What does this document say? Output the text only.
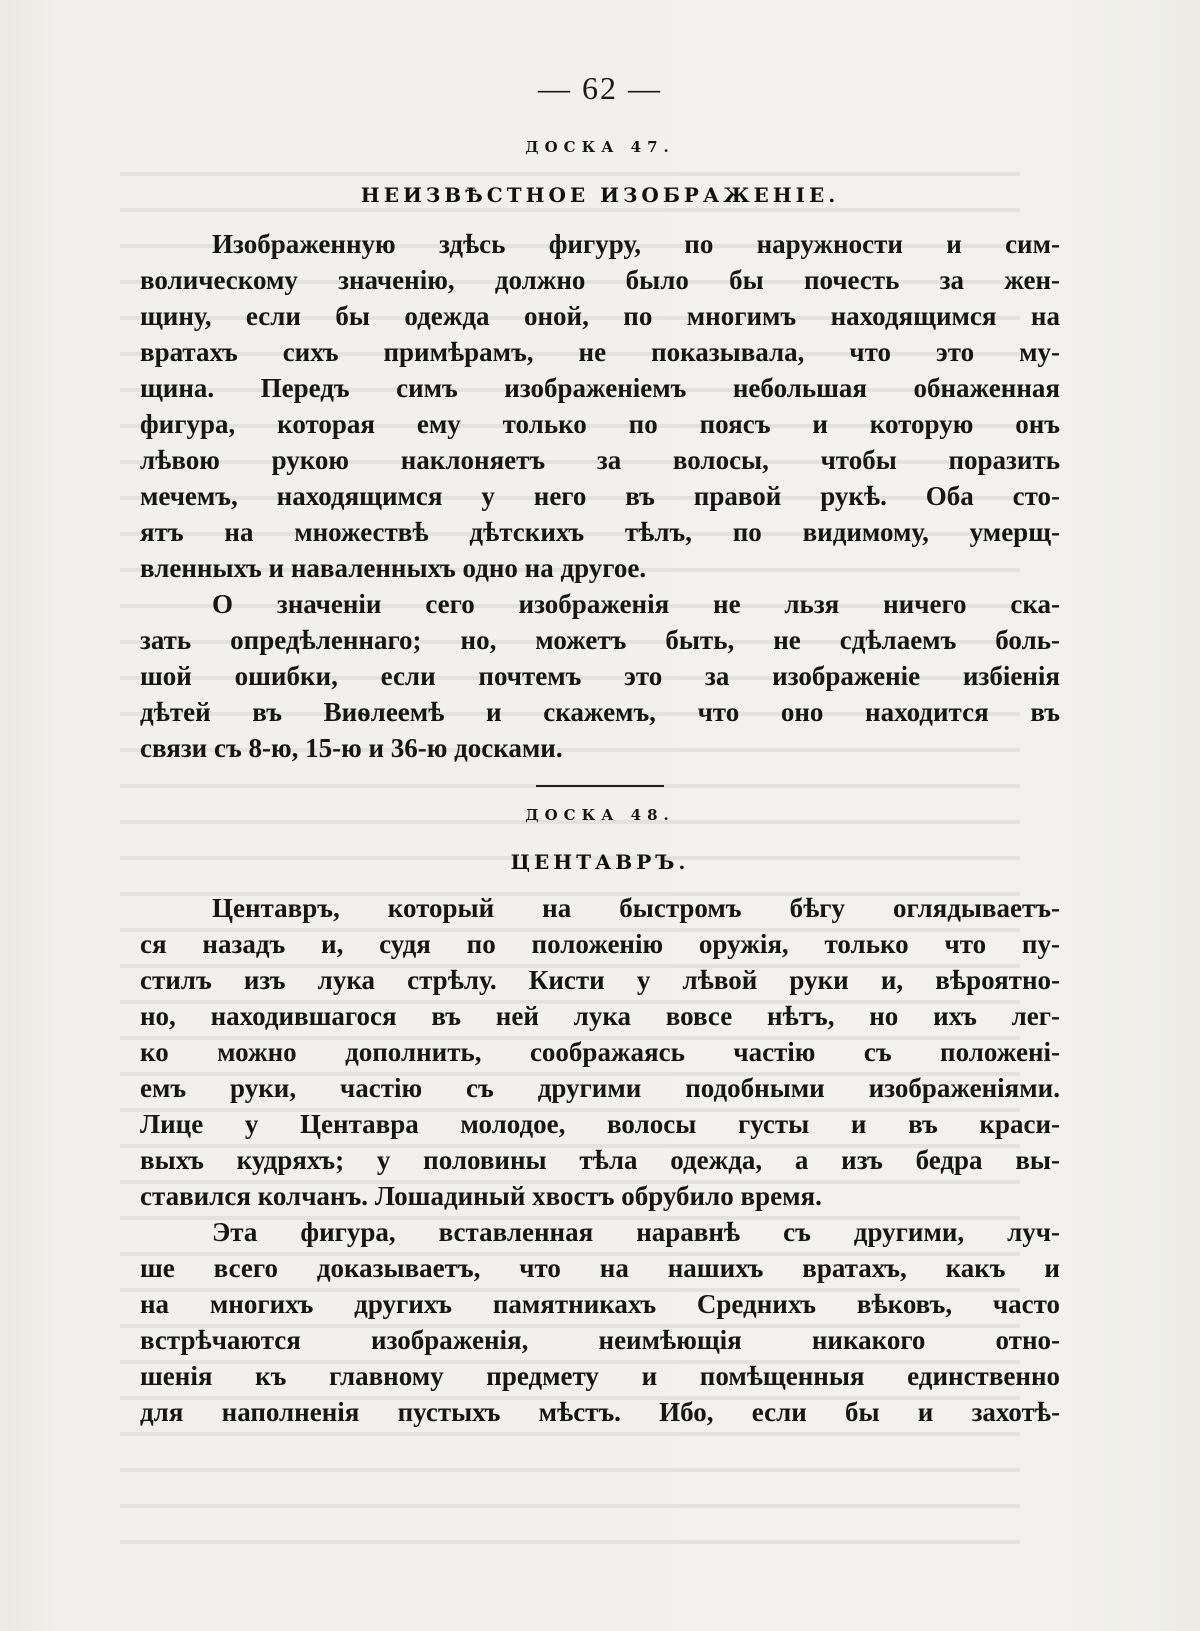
— 62 —
ДОСКА 47.
НЕИЗВѢСТНОЕ ИЗОБРАЖЕНІЕ.
Изображенную здѣсь фигуру, по наружности и сим-
волическому значенію, должно было бы почесть за жен-
щину, если бы одежда оной, по многимъ находящимся на
вратахъ сихъ примѣрамъ, не показывала, что это му-
щина. Передъ симъ изображеніемъ небольшая обнаженная
фигура, которая ему только по поясъ и которую онъ
лѣвою рукою наклоняетъ за волосы, чтобы поразить
мечемъ, находящимся у него въ правой рукѣ. Оба сто-
ятъ на множествѣ дѣтскихъ тѣлъ, по видимому, умерщ-
вленныхъ и наваленныхъ одно на другое.
О значеніи сего изображенія не льзя ничего ска-
зать опредѣленнаго; но, можетъ быть, не сдѣлаемъ боль-
шой ошибки, если почтемъ это за изображеніе избіенія
дѣтей въ Виѳлеемѣ и скажемъ, что оно находится въ
связи съ 8-ю, 15-ю и 36-ю досками.
ДОСКА 48.
ЦЕНТАВРЪ.
Центавръ, который на быстромъ бѣгу оглядываетъ-
ся назадъ и, судя по положенію оружія, только что пу-
стилъ изъ лука стрѣлу. Кисти у лѣвой руки и, вѣроятно-
но, находившагося въ ней лука вовсе нѣтъ, но ихъ лег-
ко можно дополнить, соображаясь частію съ положені-
емъ руки, частію съ другими подобными изображеніями.
Лице у Центавра молодое, волосы густы и въ краси-
выхъ кудряхъ; у половины тѣла одежда, а изъ бедра вы-
ставился колчанъ. Лошадиный хвостъ обрубило время.
Эта фигура, вставленная наравнѣ съ другими, луч-
ше всего доказываетъ, что на нашихъ вратахъ, какъ и
на многихъ другихъ памятникахъ Среднихъ вѣковъ, часто
встрѣчаются изображенія, неимѣющія никакого отно-
шенія къ главному предмету и помѣщенныя единственно
для наполненія пустыхъ мѣстъ. Ибо, если бы и захотѣ-
